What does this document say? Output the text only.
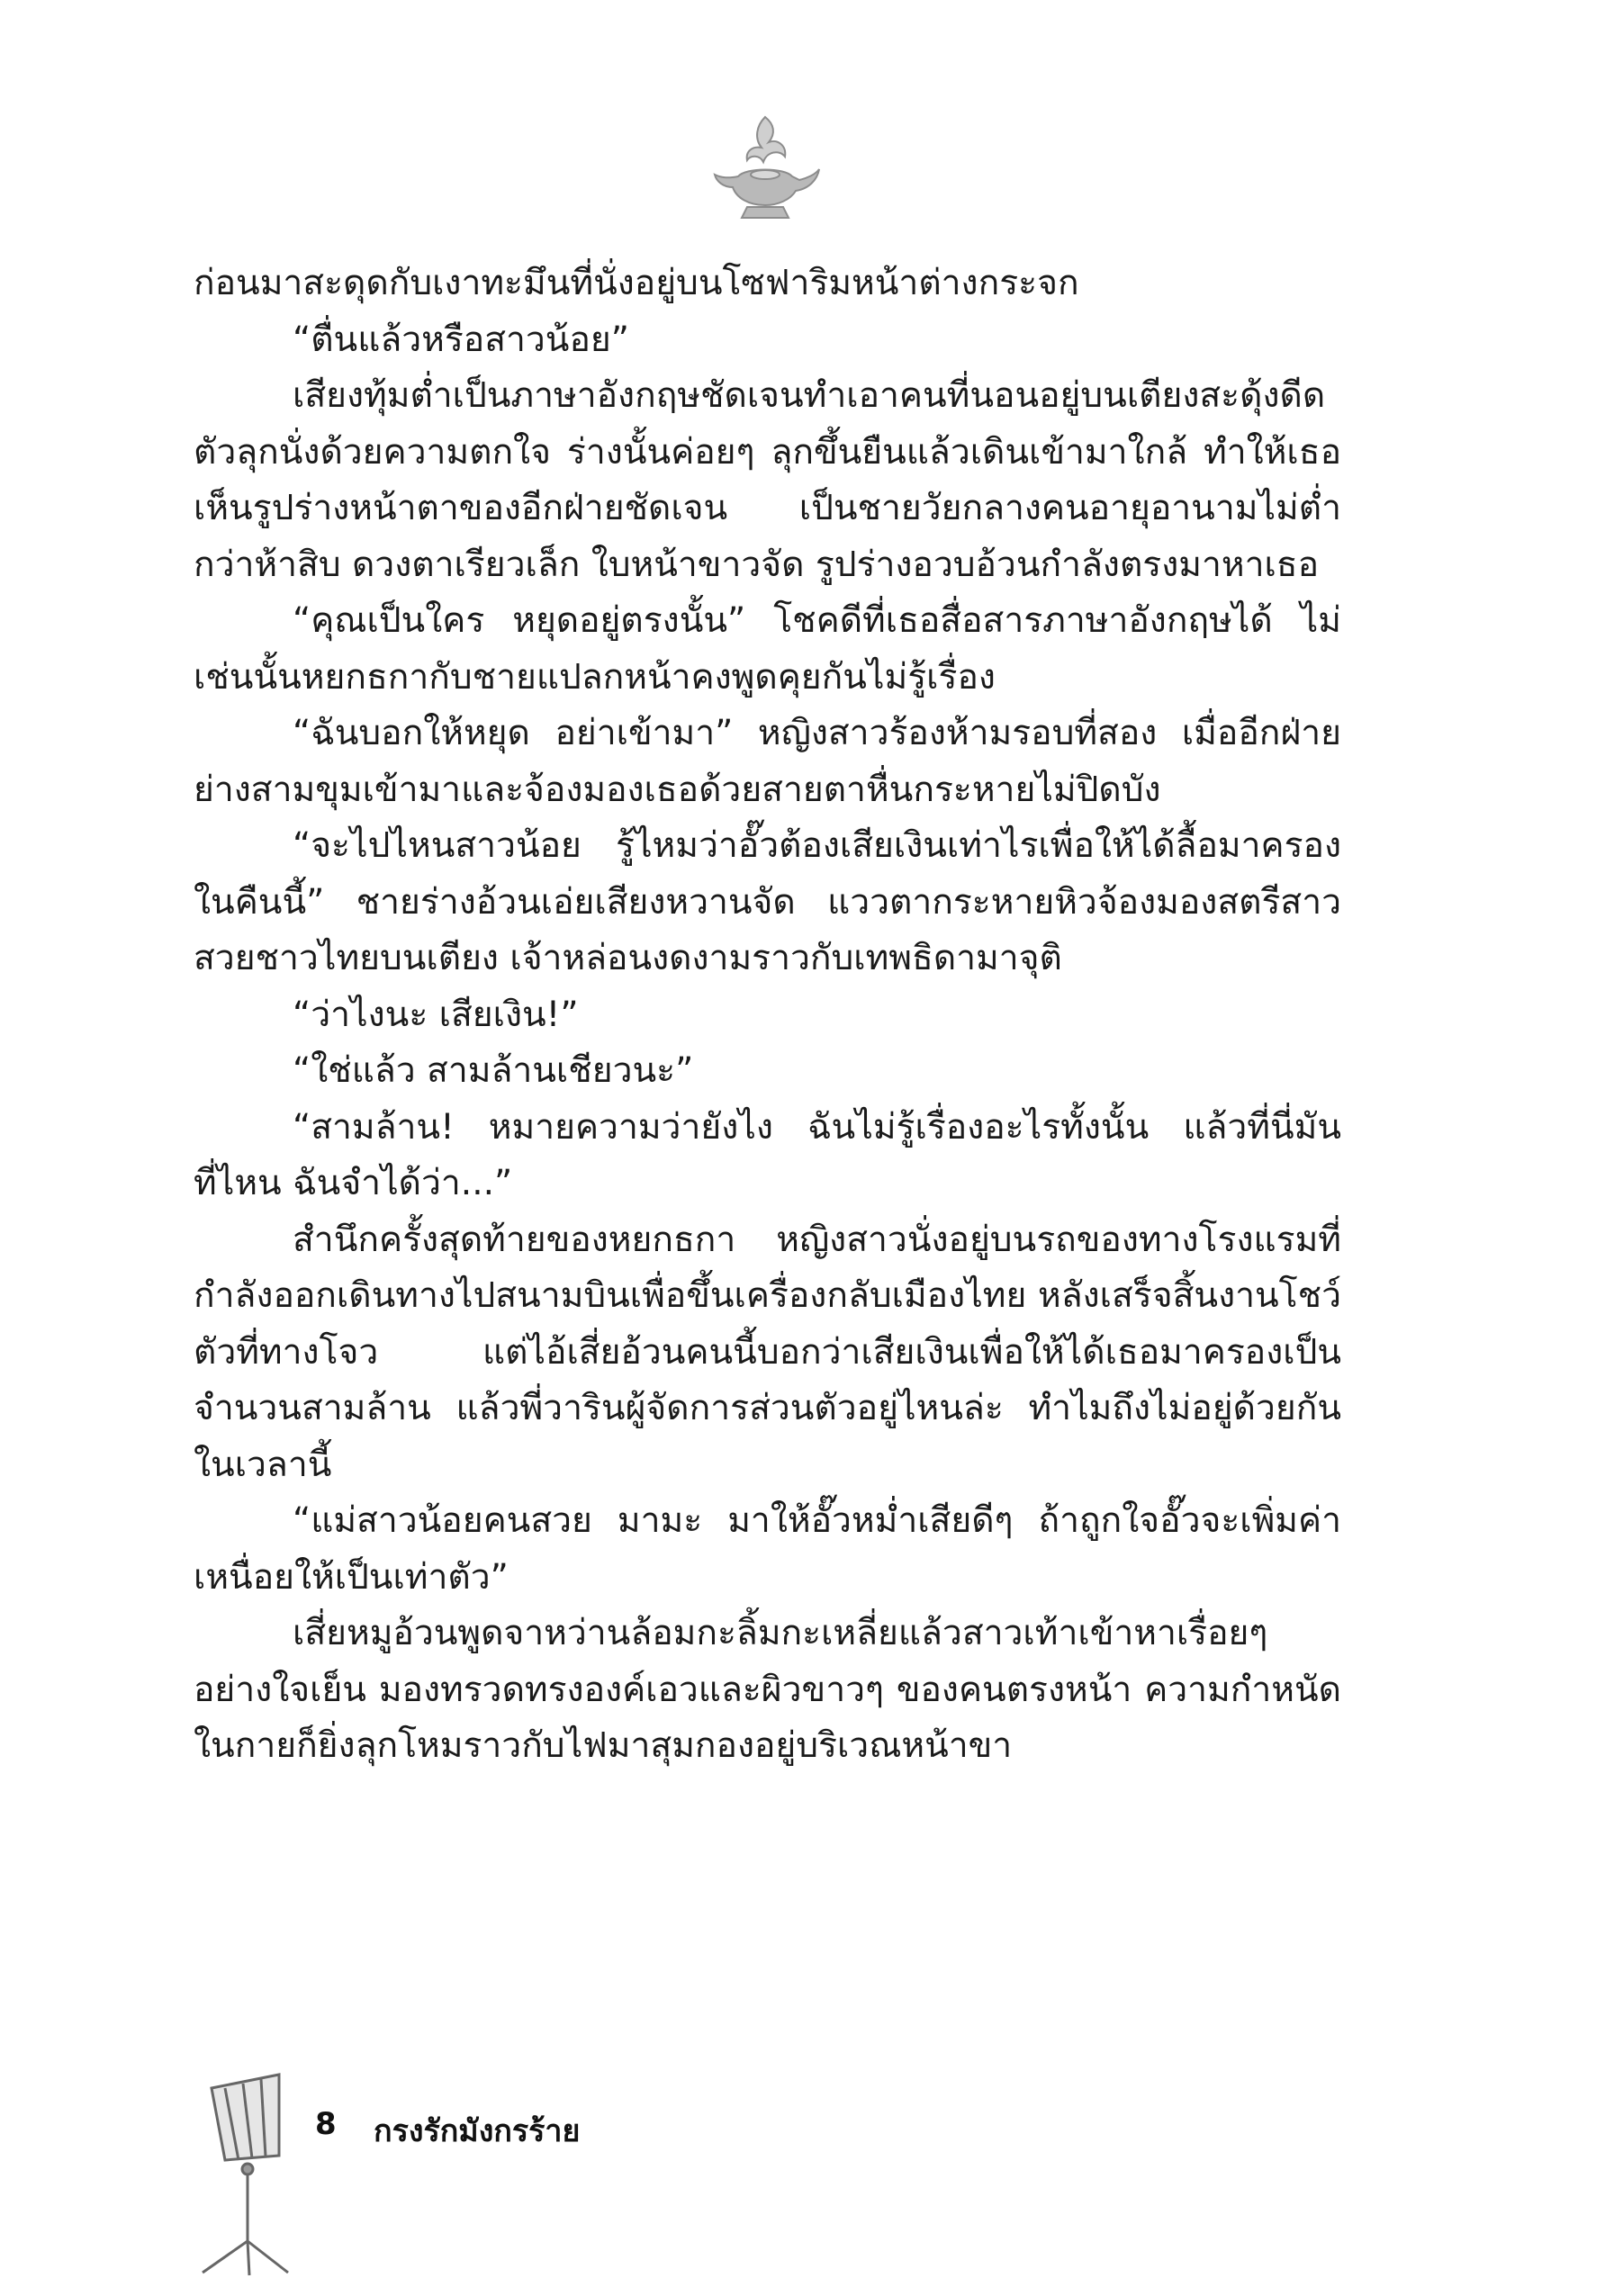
ก่อนมาสะดุดกับเงาทะมึนที่นั่งอยู่บนโซฟาริมหน้าต่างกระจก

“ตื่นแล้วหรือสาวน้อย”

เสียงทุ้มต่ำเป็นภาษาอังกฤษชัดเจนทำเอาคนที่นอนอยู่บนเตียงสะดุ้งดีดตัวลุกนั่งด้วยความตกใจ ร่างนั้นค่อยๆ ลุกขึ้นยืนแล้วเดินเข้ามาใกล้ ทำให้เธอเห็นรูปร่างหน้าตาของอีกฝ่ายชัดเจน เป็นชายวัยกลางคนอายุอานามไม่ต่ำกว่าห้าสิบ ดวงตาเรียวเล็ก ใบหน้าขาวจัด รูปร่างอวบอ้วนกำลังตรงมาหาเธอ

“คุณเป็นใคร หยุดอยู่ตรงนั้น” โชคดีที่เธอสื่อสารภาษาอังกฤษได้ ไม่เช่นนั้นหยกธกากับชายแปลกหน้าคงพูดคุยกันไม่รู้เรื่อง

“ฉันบอกให้หยุด อย่าเข้ามา” หญิงสาวร้องห้ามรอบที่สอง เมื่ออีกฝ่ายย่างสามขุมเข้ามาและจ้องมองเธอด้วยสายตาหื่นกระหายไม่ปิดบัง

“จะไปไหนสาวน้อย รู้ไหมว่าอั๊วต้องเสียเงินเท่าไรเพื่อให้ได้ลื้อมาครองในคืนนี้” ชายร่างอ้วนเอ่ยเสียงหวานจัด แววตากระหายหิวจ้องมองสตรีสาวสวยชาวไทยบนเตียง เจ้าหล่อนงดงามราวกับเทพธิดามาจุติ

“ว่าไงนะ เสียเงิน!”

“ใช่แล้ว สามล้านเชียวนะ”

“สามล้าน! หมายความว่ายังไง ฉันไม่รู้เรื่องอะไรทั้งนั้น แล้วที่นี่มันที่ไหน ฉันจำได้ว่า...”

สำนึกครั้งสุดท้ายของหยกธกา หญิงสาวนั่งอยู่บนรถของทางโรงแรมที่กำลังออกเดินทางไปสนามบินเพื่อขึ้นเครื่องกลับเมืองไทย หลังเสร็จสิ้นงานโชว์ตัวที่ทางโจว แต่ไอ้เสี่ยอ้วนคนนี้บอกว่าเสียเงินเพื่อให้ได้เธอมาครองเป็นจำนวนสามล้าน แล้วพี่วารินผู้จัดการส่วนตัวอยู่ไหนล่ะ ทำไมถึงไม่อยู่ด้วยกันในเวลานี้

“แม่สาวน้อยคนสวย มามะ มาให้อั๊วหม่ำเสียดีๆ ถ้าถูกใจอั๊วจะเพิ่มค่าเหนื่อยให้เป็นเท่าตัว”

เสี่ยหมูอ้วนพูดจาหว่านล้อมกะลิ้มกะเหลี่ยแล้วสาวเท้าเข้าหาเรื่อยๆ อย่างใจเย็น มองทรวดทรงองค์เอวและผิวขาวๆ ของคนตรงหน้า ความกำหนัดในกายก็ยิ่งลุกโหมราวกับไฟมาสุมกองอยู่บริเวณหน้าขา

8 กรงรักมังกรร้าย
